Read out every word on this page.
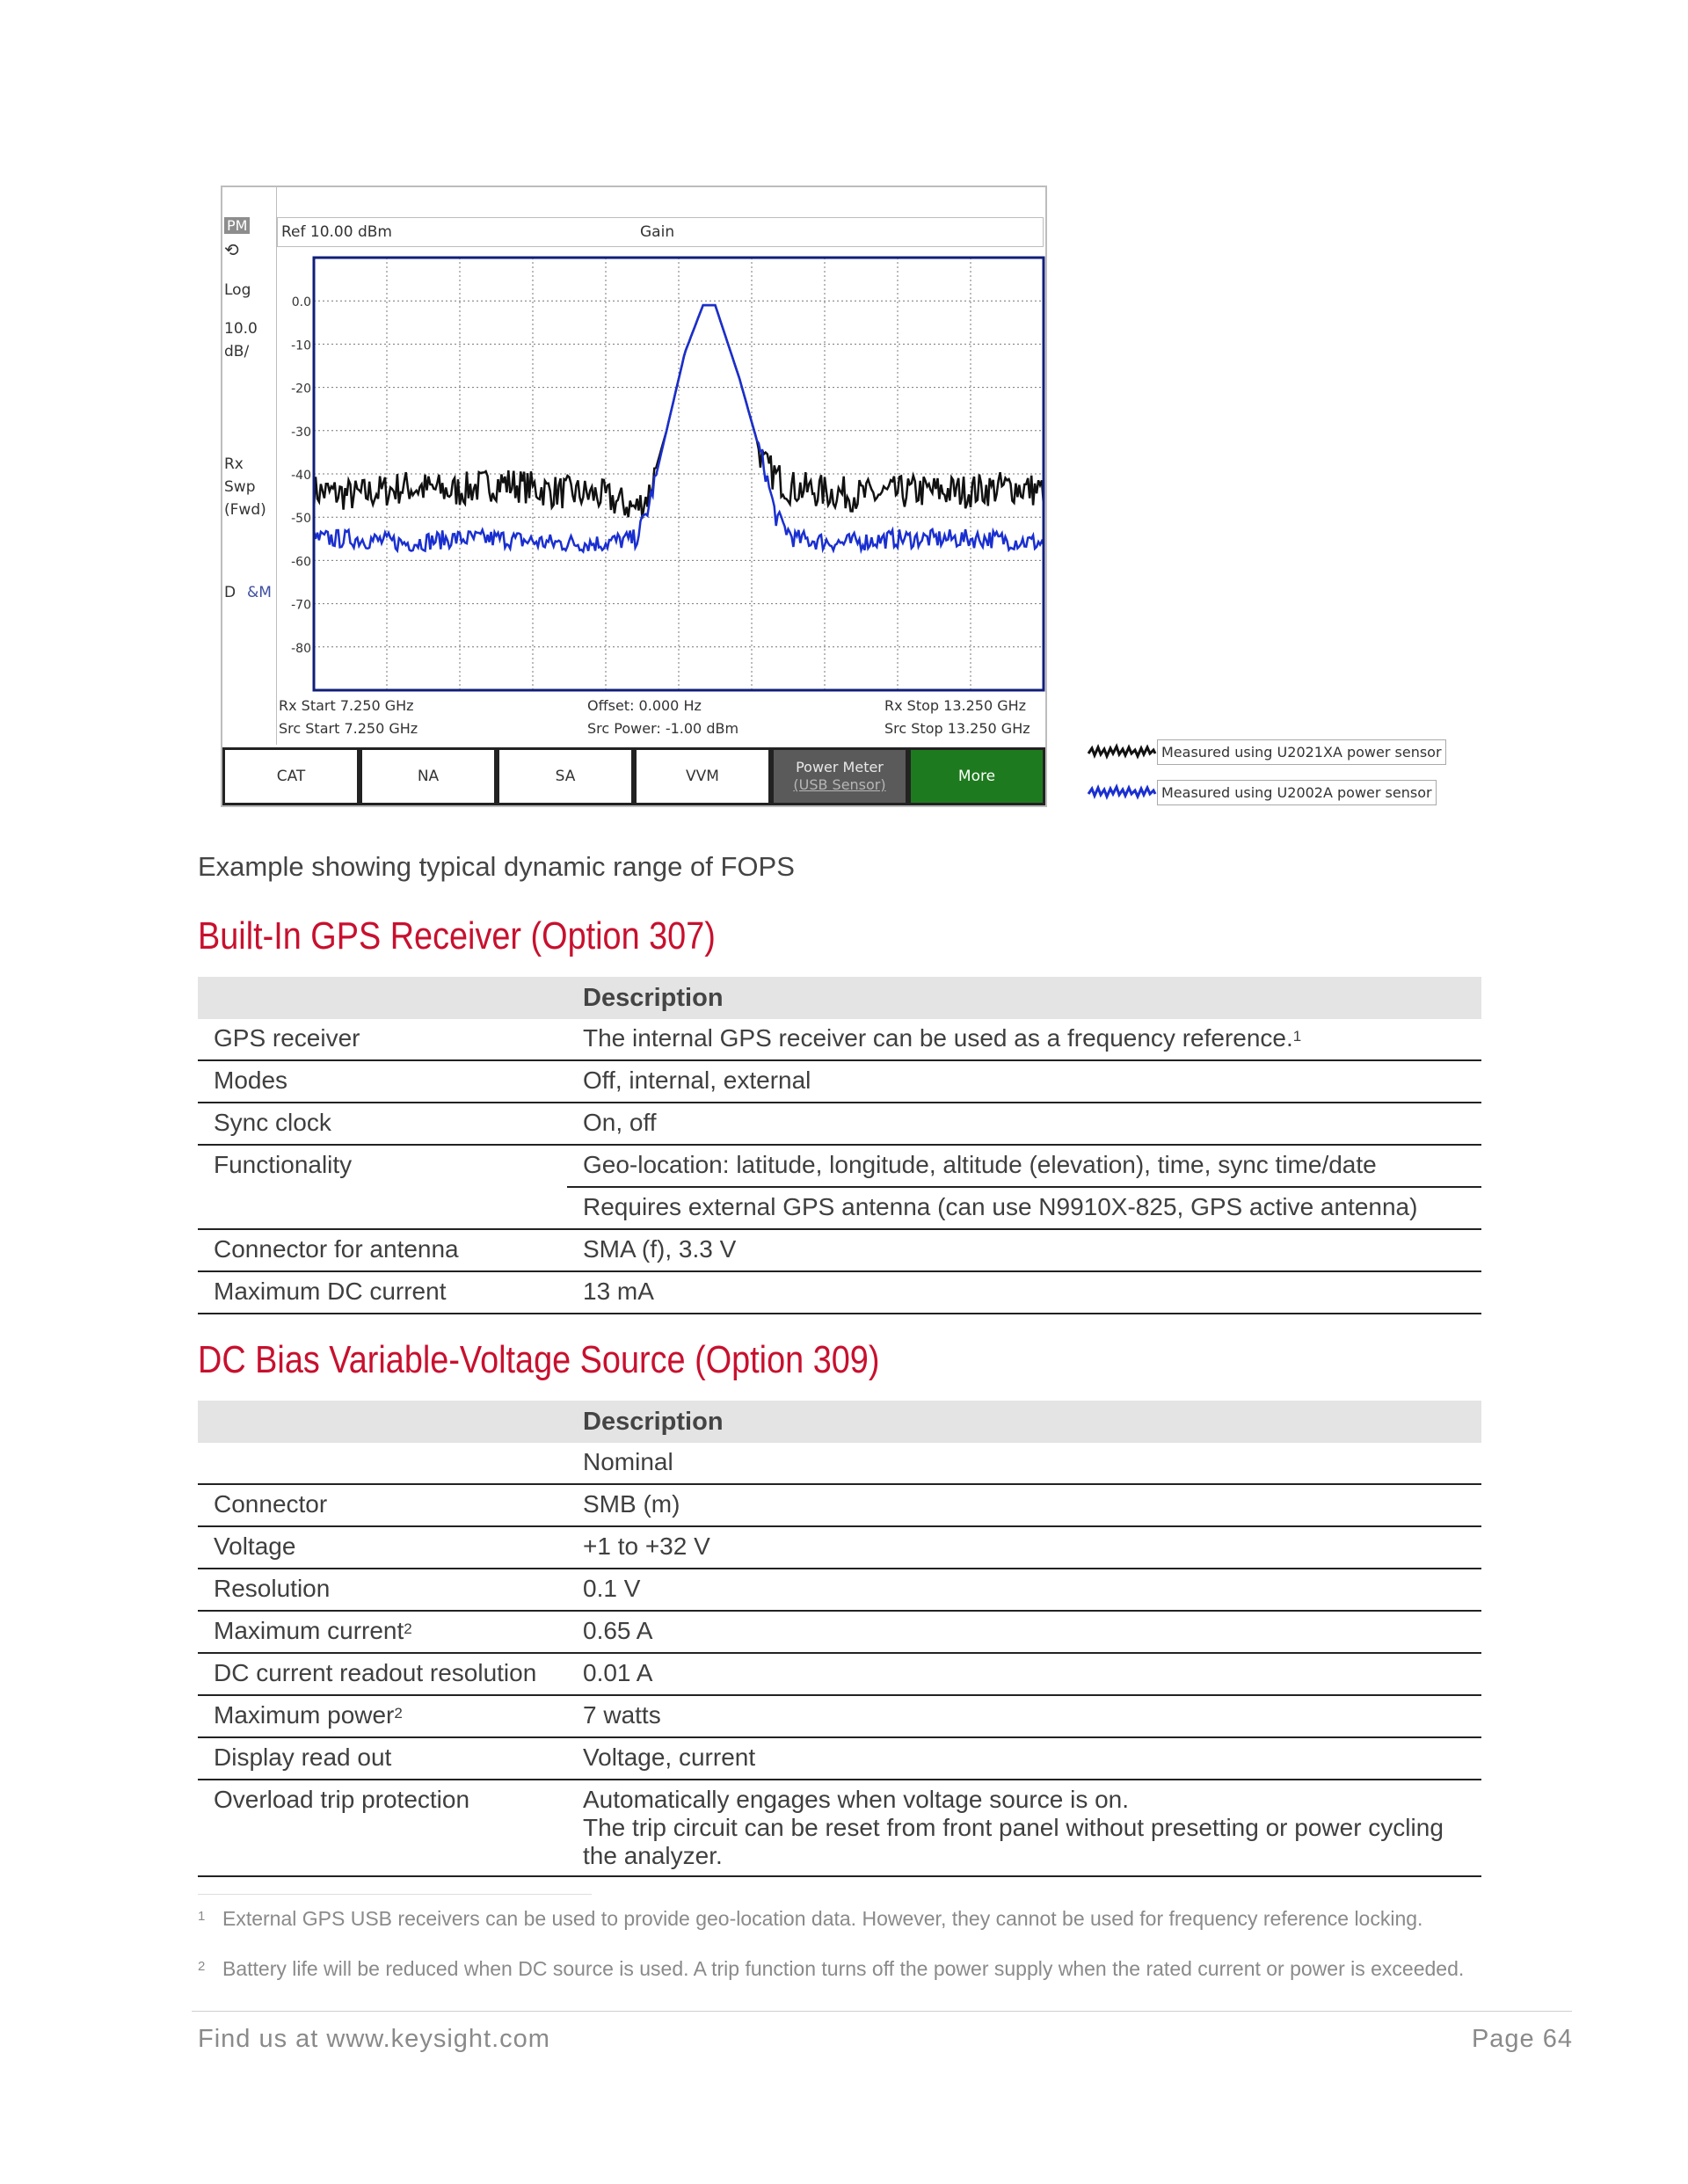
PM
⟲
Log
10.0
dB/
Rx
Swp
(Fwd)
D &M
Ref 10.00 dBm	Gain
0.0
-10
-20
-30
-40
-50
-60
-70
-80
Rx Start 7.250 GHz
Src Start 7.250 GHz
Offset: 0.000 Hz
Src Power: -1.00 dBm
Rx Stop 13.250 GHz
Src Stop 13.250 GHz
CAT	NA	SA	VVM
Power Meter
(USB Sensor)	More
Measured using U2021XA power sensor
Measured using U2002A power sensor
Example showing typical dynamic range of FOPS
Built-In GPS Receiver (Option 307)
	Description
GPS receiver	The internal GPS receiver can be used as a frequency reference.$^1$
Modes	Off, internal, external
Sync clock	On, off
Functionality	Geo-location: latitude, longitude, altitude (elevation), time, sync time/date
	Requires external GPS antenna (can use N9910X-825, GPS active antenna)
Connector for antenna	SMA (f), 3.3 V
Maximum DC current	13 mA
DC Bias Variable-Voltage Source (Option 309)
	Description
	Nominal
Connector	SMB (m)
Voltage	+1 to +32 V
Resolution	0.1 V
Maximum current$^2$	0.65 A
DC current readout resolution	0.01 A
Maximum power$^2$	7 watts
Display read out	Voltage, current
Overload trip protection	Automatically engages when voltage source is on.
The trip circuit can be reset from front panel without presetting or power cycling the analyzer.
1 External GPS USB receivers can be used to provide geo-location data. However, they cannot be used for frequency reference locking.
2 Battery life will be reduced when DC source is used. A trip function turns off the power supply when the rated current or power is exceeded.
Find us at www.keysight.com	Page 64
